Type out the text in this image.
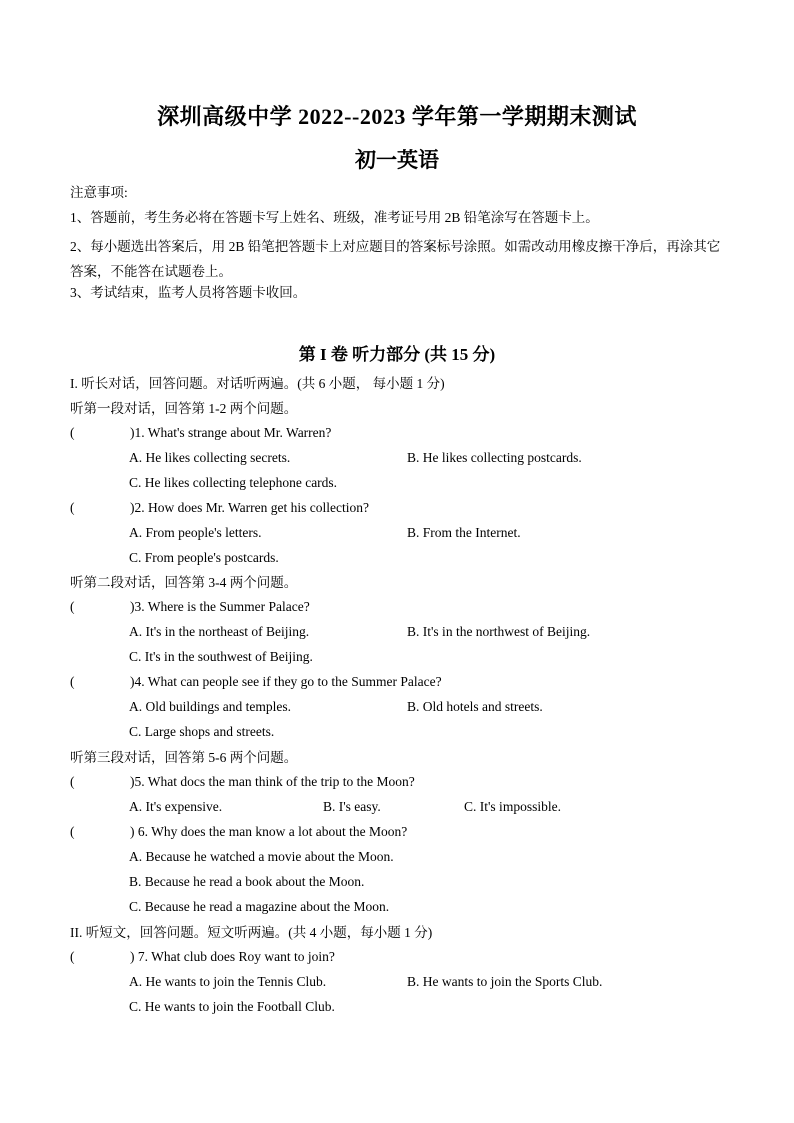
深圳高级中学 2022--2023 学年第一学期期末测试
初一英语
注意事项:
1、答题前，考生务必将在答题卡写上姓名、班级，准考证号用 2B 铅笔涂写在答题卡上。
2、每小题选出答案后，用 2B 铅笔把答题卡上对应题目的答案标号涂照。如需改动用橡皮擦干净后，再涂其它答案，不能答在试题卷上。
3、考试结束，监考人员将答题卡收回。
第 I 卷 听力部分 (共 15 分)
I. 听长对话，回答问题。对话听两遍。(共 6 小题， 每小题 1 分)
听第一段对话，回答第 1-2 两个问题。
(	)1. What's strange about Mr. Warren?
A. He likes collecting secrets.	B. He likes collecting postcards.
C. He likes collecting telephone cards.
(	)2. How does Mr. Warren get his collection?
A. From people's letters.	B. From the Internet.
C. From people's postcards.
听第二段对话，回答第 3-4 两个问题。
(	)3. Where is the Summer Palace?
A. It's in the northeast of Beijing.	B. It's in the northwest of Beijing.
C. It's in the southwest of Beijing.
(	)4. What can people see if they go to the Summer Palace?
A. Old buildings and temples.	B. Old hotels and streets.
C. Large shops and streets.
听第三段对话，回答第 5-6 两个问题。
(	)5. What docs the man think of the trip to the Moon?
A. It's expensive.	B. I's easy.	C. It's impossible.
(	) 6. Why does the man know a lot about the Moon?
A. Because he watched a movie about the Moon.
B. Because he read a book about the Moon.
C. Because he read a magazine about the Moon.
II. 听短文，回答问题。短文听两遍。(共 4 小题，每小题 1 分)
(	) 7. What club does Roy want to join?
A. He wants to join the Tennis Club.	B. He wants to join the Sports Club.
C. He wants to join the Football Club.
